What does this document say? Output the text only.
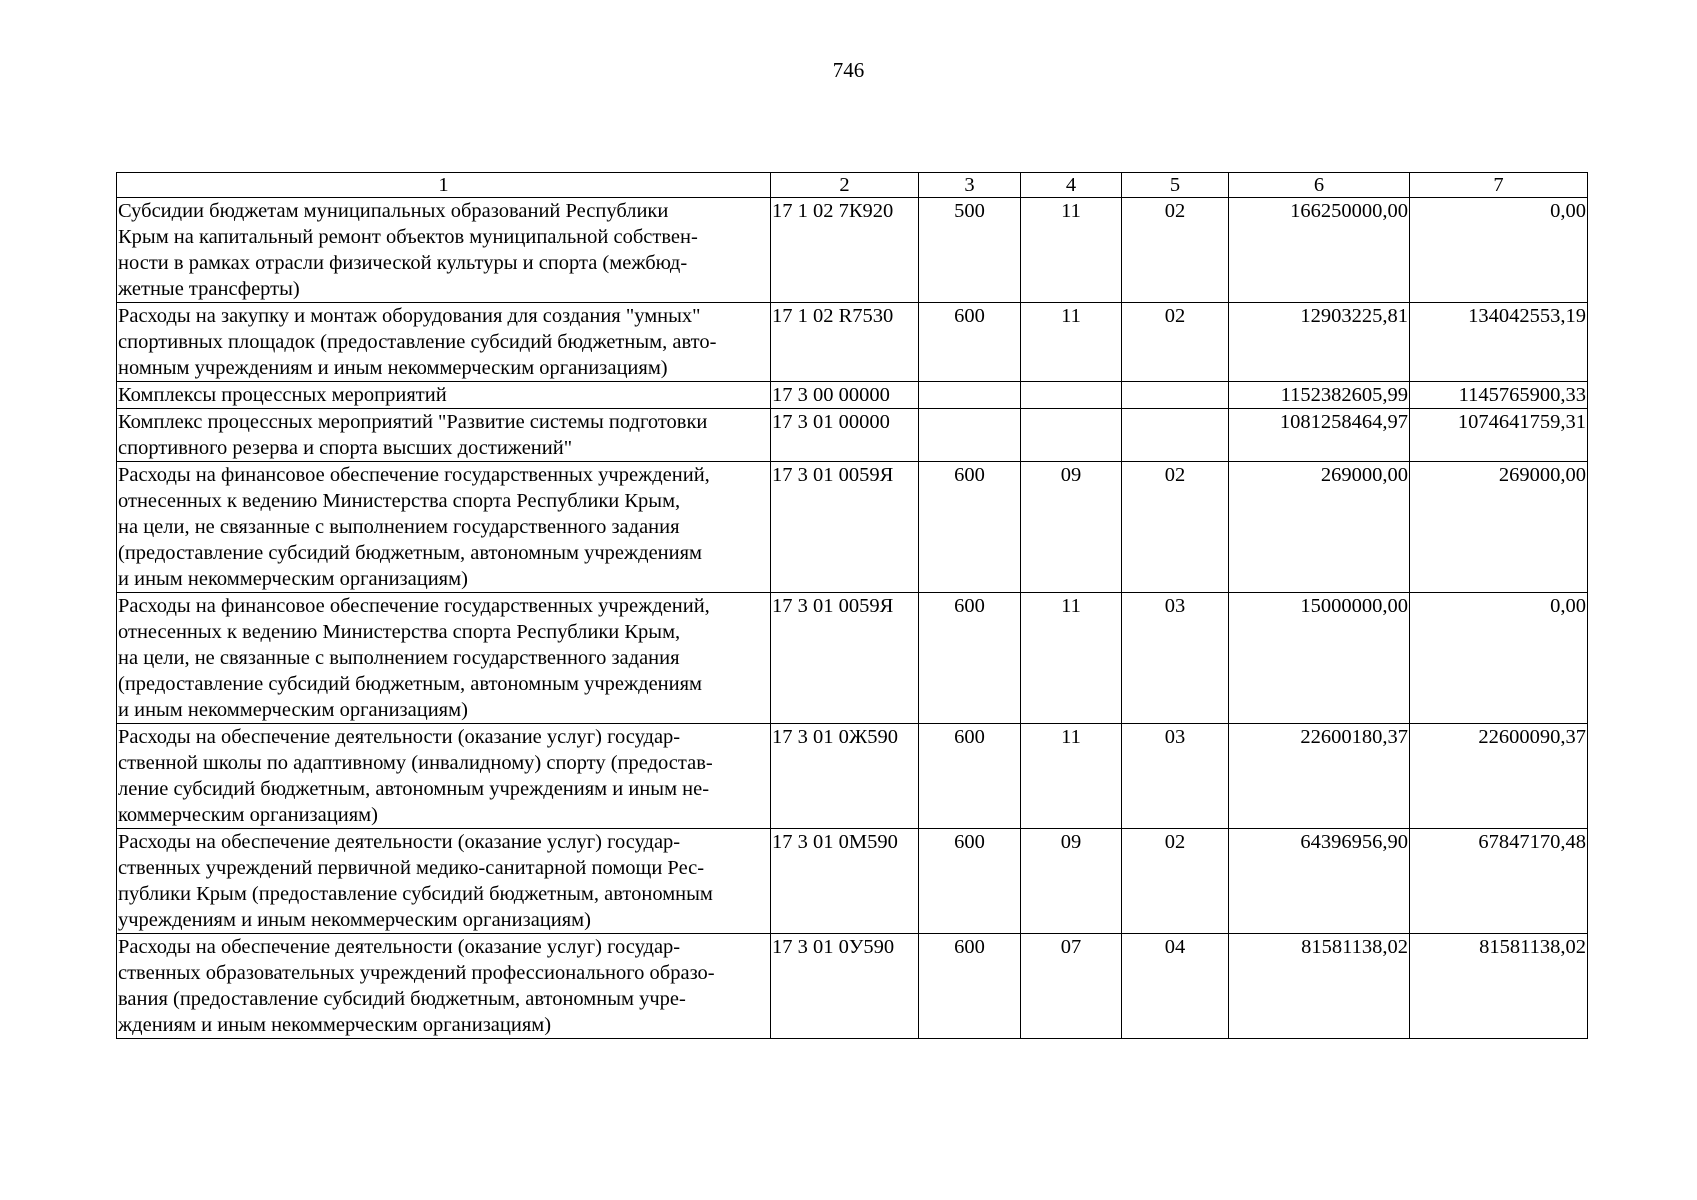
746
1	2	3	4	5	6	7

Субсидии бюджетам муниципальных образований Республики
Крым на капитальный ремонт объектов муниципальной собствен-
ности в рамках отрасли физической культуры и спорта (межбюд-
жетные трансферты)	17 1 02 7К920	500	11	02	166250000,00	0,00

Расходы на закупку и монтаж оборудования для создания "умных"
спортивных площадок (предоставление субсидий бюджетным, авто-
номным учреждениям и иным некоммерческим организациям)	17 1 02 R7530	600	11	02	12903225,81	134042553,19

Комплексы процессных мероприятий	17 3 00 00000				1152382605,99	1145765900,33

Комплекс процессных мероприятий "Развитие системы подготовки
спортивного резерва и спорта высших достижений"	17 3 01 00000				1081258464,97	1074641759,31

Расходы на финансовое обеспечение государственных учреждений,
отнесенных к ведению Министерства спорта Республики Крым,
на цели, не связанные с выполнением государственного задания
(предоставление субсидий бюджетным, автономным учреждениям
и иным некоммерческим организациям)	17 3 01 0059Я	600	09	02	269000,00	269000,00

Расходы на финансовое обеспечение государственных учреждений,
отнесенных к ведению Министерства спорта Республики Крым,
на цели, не связанные с выполнением государственного задания
(предоставление субсидий бюджетным, автономным учреждениям
и иным некоммерческим организациям)	17 3 01 0059Я	600	11	03	15000000,00	0,00

Расходы на обеспечение деятельности (оказание услуг) государ-
ственной школы по адаптивному (инвалидному) спорту (предостав-
ление субсидий бюджетным, автономным учреждениям и иным не-
коммерческим организациям)	17 3 01 0Ж590	600	11	03	22600180,37	22600090,37

Расходы на обеспечение деятельности (оказание услуг) государ-
ственных учреждений первичной медико-санитарной помощи Рес-
публики Крым (предоставление субсидий бюджетным, автономным
учреждениям и иным некоммерческим организациям)	17 3 01 0М590	600	09	02	64396956,90	67847170,48

Расходы на обеспечение деятельности (оказание услуг) государ-
ственных образовательных учреждений профессионального образо-
вания (предоставление субсидий бюджетным, автономным учре-
ждениям и иным некоммерческим организациям)	17 3 01 0У590	600	07	04	81581138,02	81581138,02
